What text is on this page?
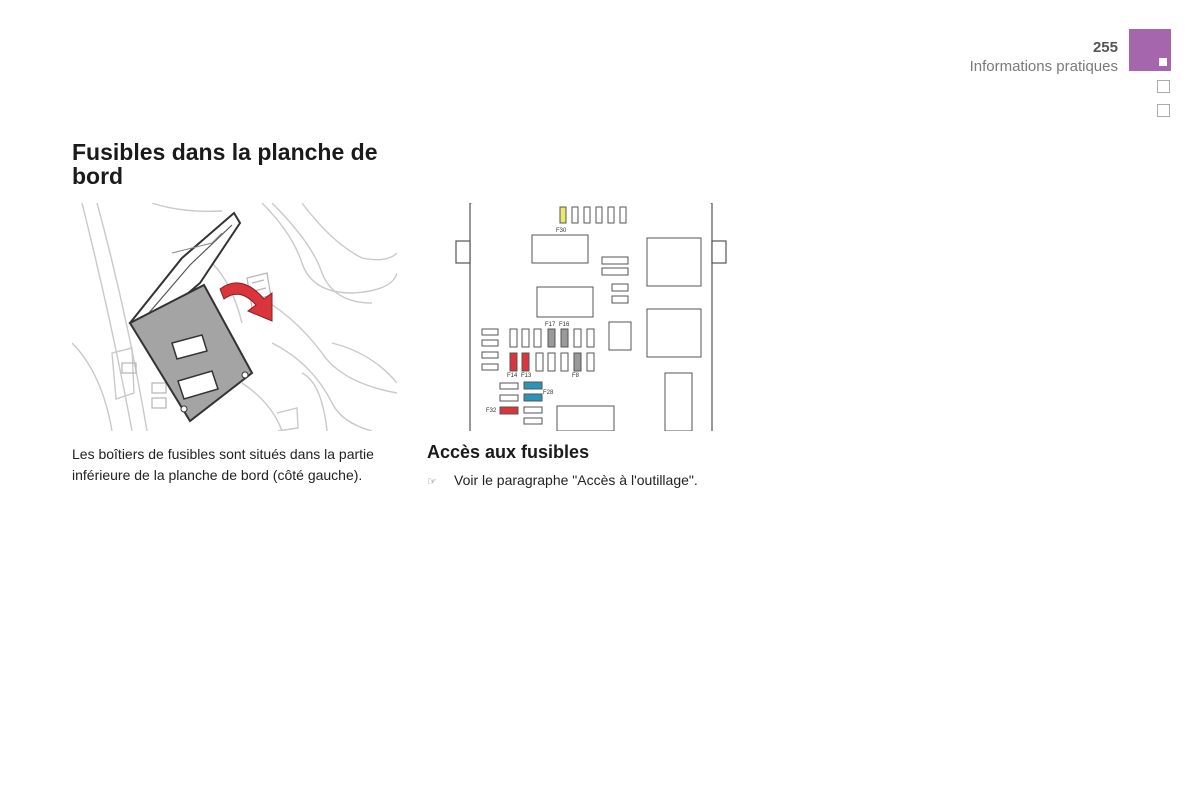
255
Informations pratiques
Fusibles dans la planche de bord
F30
F17 F16
F14 F13	F8
F28
F32

Les boîtiers de fusibles sont situés dans la partie inférieure de la planche de bord (côté gauche).

Accès aux fusibles
☞ Voir le paragraphe "Accès à l'outillage".
